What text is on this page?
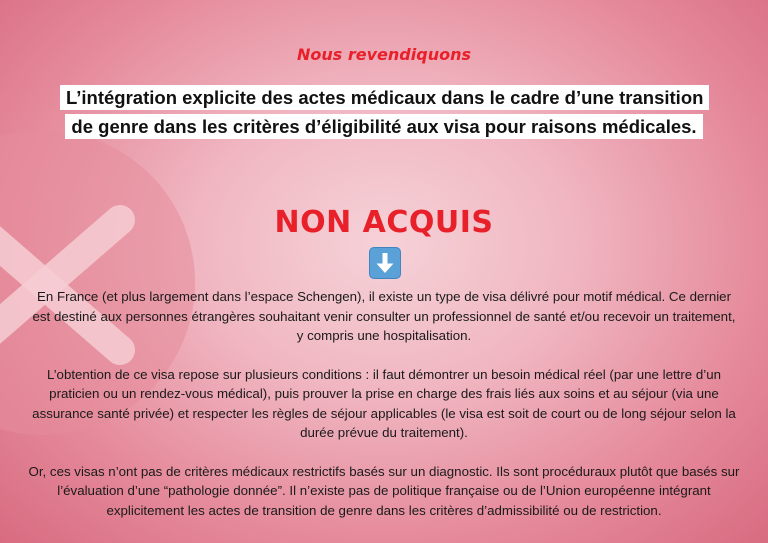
Nous revendiquons
L’intégration explicite des actes médicaux dans le cadre d’une transition de genre dans les critères d’éligibilité aux visa pour raisons médicales.
NON ACQUIS

En France (et plus largement dans l’espace Schengen), il existe un type de visa délivré pour motif médical. Ce dernier est destiné aux personnes étrangères souhaitant venir consulter un professionnel de santé et/ou recevoir un traitement, y compris une hospitalisation.

L’obtention de ce visa repose sur plusieurs conditions : il faut démontrer un besoin médical réel (par une lettre d’un praticien ou un rendez-vous médical), puis prouver la prise en charge des frais liés aux soins et au séjour (via une assurance santé privée) et respecter les règles de séjour applicables (le visa est soit de court ou de long séjour selon la durée prévue du traitement).

Or, ces visas n’ont pas de critères médicaux restrictifs basés sur un diagnostic. Ils sont procéduraux plutôt que basés sur l’évaluation d’une “pathologie donnée”. Il n’existe pas de politique française ou de l’Union européenne intégrant explicitement les actes de transition de genre dans les critères d’admissibilité ou de restriction.
